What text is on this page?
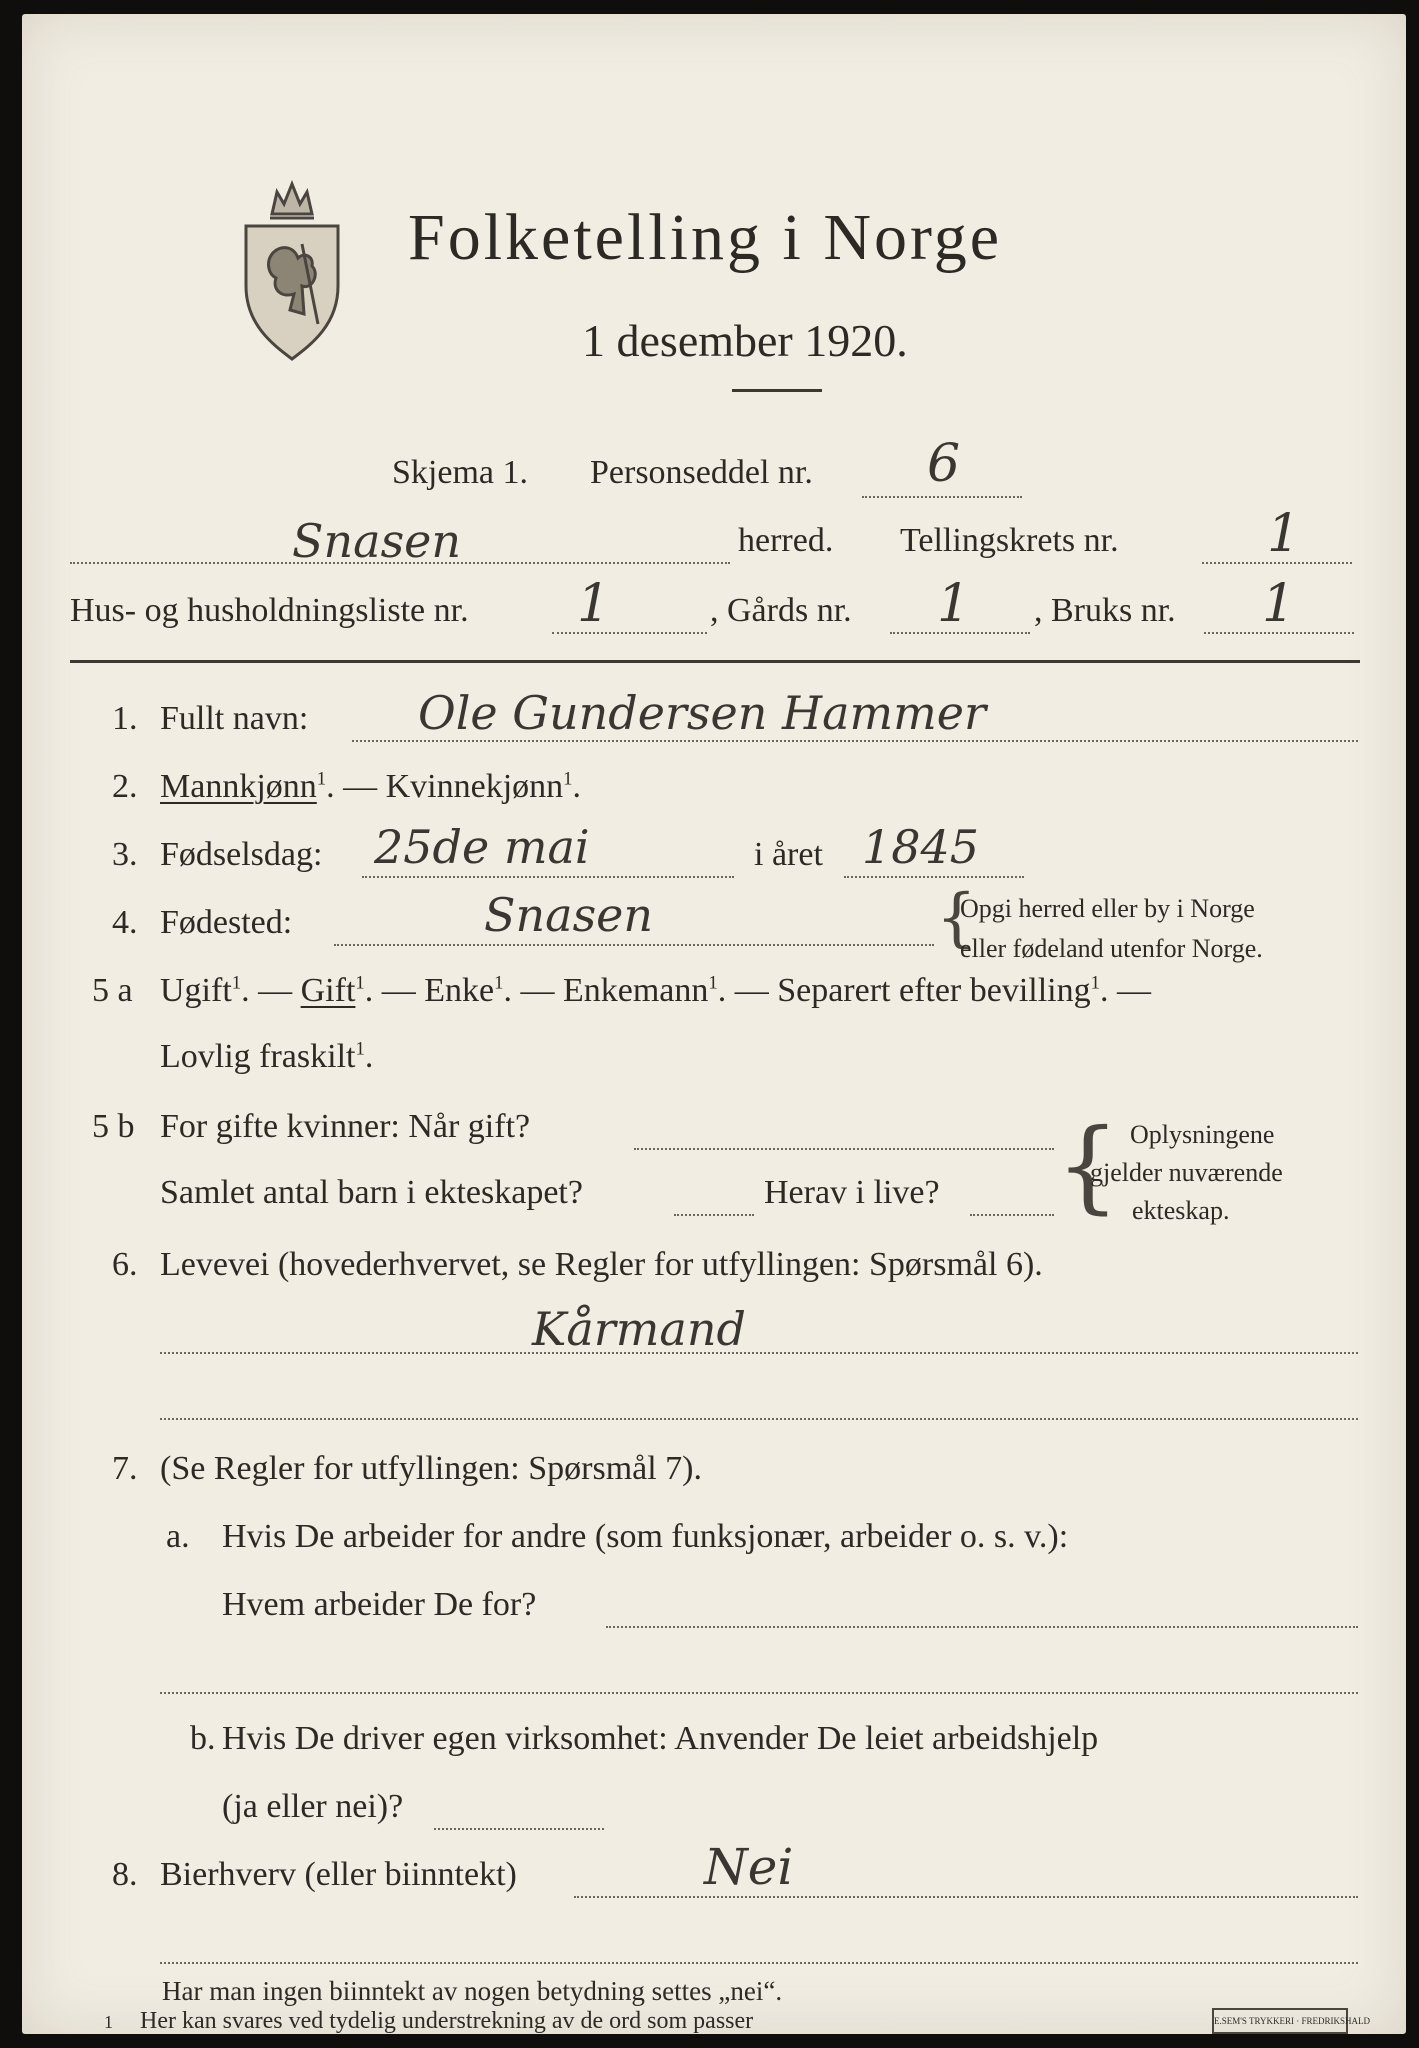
Folketelling i Norge
1 desember 1920.
Skjema 1. Personseddel nr. 6
Snasen	herred. Tellingskrets nr.	1
Hus- og husholdningsliste nr. 1	, Gårds nr. 1 , Bruks nr. 1
1. Fullt navn: Ole Gundersen Hammer
2. Mannkjønn$^1$. — Kvinnekjønn$^1$.
3. Fødselsdag: 25de mai	i året 1845
4. Fødested:	Snasen	{
Opgi herred eller by i Norge
eller fødeland utenfor Norge.
5 a Ugift$^1$. — Gift$^1$. — Enke$^1$. — Enkemann$^1$. — Separert efter bevilling$^1$. —
Lovlig fraskilt$^1$.
5 b For gifte kvinner: Når gift?
Samlet antal barn i ekteskapet?	Herav i live? { Oplysningene
gjelder nuværende
ekteskap.
6. Levevei (hovederhvervet, se Regler for utfyllingen: Spørsmål 6).
Kårmand
7. (Se Regler for utfyllingen: Spørsmål 7).
a. Hvis De arbeider for andre (som funksjonær, arbeider o. s. v.):
Hvem arbeider De for?
b. Hvis De driver egen virksomhet: Anvender De leiet arbeidshjelp
(ja eller nei)?
8. Bierhverv (eller biinntekt)	Nei
Har man ingen biinntekt av nogen betydning settes „nei“.
1 Her kan svares ved tydelig understrekning av de ord som passer	E.SEM'S TRYKKERI · FREDRIKSHALD
